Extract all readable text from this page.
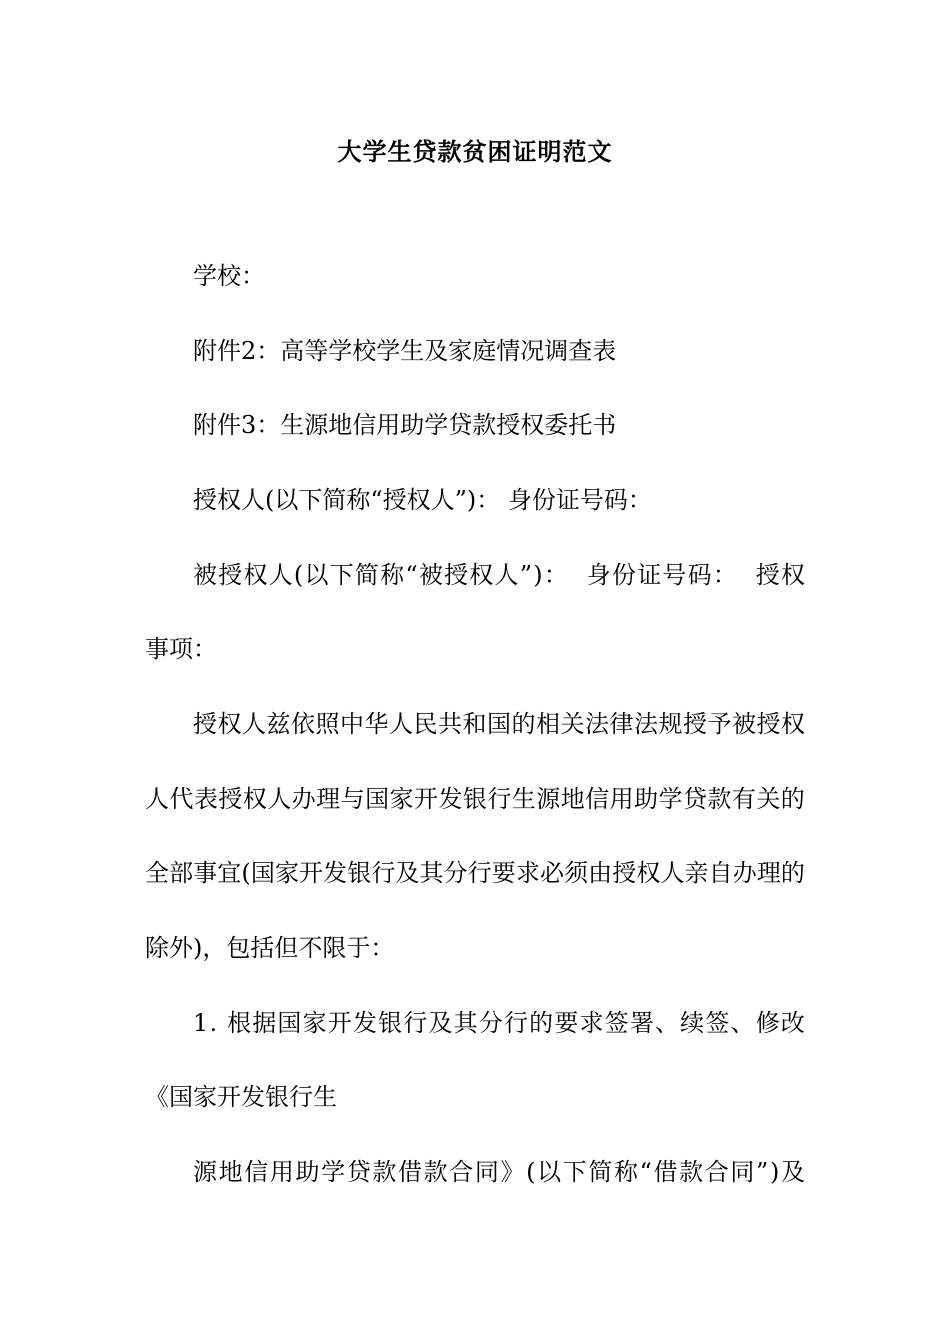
大学生贷款贫困证明范文
学校：
附件2：高等学校学生及家庭情况调查表
附件3：生源地信用助学贷款授权委托书
授权人(以下简称“授权人”)： 身份证号码：
被 授 权 人 ( 以 下 简 称 “ 被 授 权 人 ” ) ：

身 份 证 号 码 ：

授 权
事项：
授 权 人 兹 依 照 中 华 人 民 共 和 国 的 相 关 法 律 法 规 授 予 被 授 权
人 代 表 授 权 人 办 理 与 国 家 开 发 银 行 生 源 地 信 用 助 学 贷 款 有 关 的
全 部 事 宜 ( 国 家 开 发 银 行 及 其 分 行 要 求 必 须 由 授 权 人 亲 自 办 理 的
除外)，包括但不限于：
1 .
根 据 国 家 开 发 银 行 及 其 分 行 的 要 求 签 署 、 续 签 、 修 改
《国家开发银行生
源 地 信 用 助 学 贷 款 借 款 合 同 》 ( 以 下 简 称 “ 借 款 合 同 ” ) 及
